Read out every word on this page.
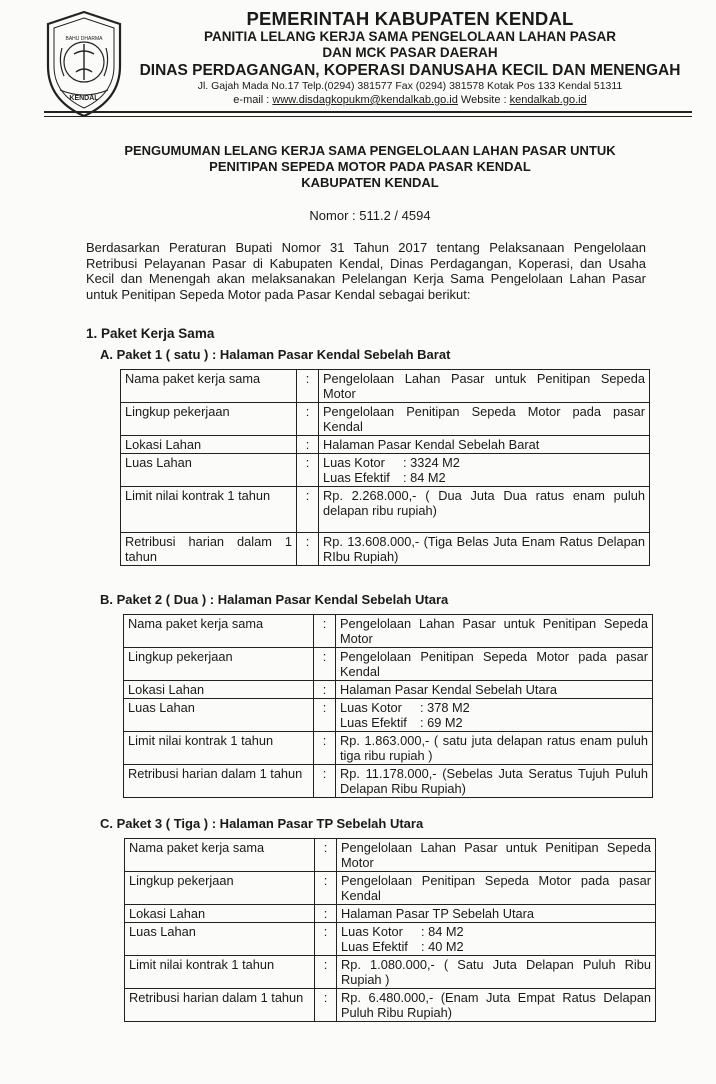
BAHU DHARMA
KENDAL
PEMERINTAH KABUPATEN KENDAL
PANITIA LELANG KERJA SAMA PENGELOLAAN LAHAN PASAR
DAN MCK PASAR DAERAH
DINAS PERDAGANGAN, KOPERASI DANUSAHA KECIL DAN MENENGAH
Jl. Gajah Mada No.17 Telp.(0294) 381577 Fax (0294) 381578 Kotak Pos 133 Kendal 51311
e-mail : www.disdagkopukm@kendalkab.go.id Website : kendalkab.go.id
PENGUMUMAN LELANG KERJA SAMA PENGELOLAAN LAHAN PASAR UNTUK
PENITIPAN SEPEDA MOTOR PADA PASAR KENDAL
KABUPATEN KENDAL
Nomor : 511.2 / 4594

Berdasarkan Peraturan Bupati Nomor 31 Tahun 2017 tentang Pelaksanaan Pengelolaan Retribusi Pelayanan Pasar di Kabupaten Kendal, Dinas Perdagangan, Koperasi, dan Usaha Kecil dan Menengah akan melaksanakan Pelelangan Kerja Sama Pengelolaan Lahan Pasar untuk Penitipan Sepeda Motor pada Pasar Kendal sebagai berikut:

1. Paket Kerja Sama
A. Paket 1 ( satu ) : Halaman Pasar Kendal Sebelah Barat
Nama paket kerja sama	:	Pengelolaan Lahan Pasar untuk Penitipan Sepeda Motor
Lingkup pekerjaan	:	Pengelolaan Penitipan Sepeda Motor pada pasar Kendal
Lokasi Lahan	:	Halaman Pasar Kendal Sebelah Barat
Luas Lahan	:	Luas Kotor : 3324 M2
Luas Efektif : 84 M2

Limit nilai kontrak 1 tahun	:	Rp. 2.268.000,- ( Dua Juta Dua ratus enam puluh delapan ribu rupiah)
Retribusi harian dalam 1 tahun	:	Rp. 13.608.000,- (Tiga Belas Juta Enam Ratus Delapan RIbu Rupiah)
B. Paket 2 ( Dua ) : Halaman Pasar Kendal Sebelah Utara
Nama paket kerja sama	:	Pengelolaan Lahan Pasar untuk Penitipan Sepeda Motor
Lingkup pekerjaan	:	Pengelolaan Penitipan Sepeda Motor pada pasar Kendal
Lokasi Lahan	:	Halaman Pasar Kendal Sebelah Utara
Luas Lahan	:	Luas Kotor : 378 M2
Luas Efektif : 69 M2

Limit nilai kontrak 1 tahun	:	Rp. 1.863.000,- ( satu juta delapan ratus enam puluh tiga ribu rupiah )
Retribusi harian dalam 1 tahun	:	Rp. 11.178.000,- (Sebelas Juta Seratus Tujuh Puluh Delapan Ribu Rupiah)
C. Paket 3 ( Tiga ) : Halaman Pasar TP Sebelah Utara
Nama paket kerja sama	:	Pengelolaan Lahan Pasar untuk Penitipan Sepeda Motor
Lingkup pekerjaan	:	Pengelolaan Penitipan Sepeda Motor pada pasar Kendal
Lokasi Lahan	:	Halaman Pasar TP Sebelah Utara
Luas Lahan	:	Luas Kotor : 84 M2
Luas Efektif : 40 M2

Limit nilai kontrak 1 tahun	:	Rp. 1.080.000,- ( Satu Juta Delapan Puluh Ribu Rupiah )
Retribusi harian dalam 1 tahun	:	Rp. 6.480.000,- (Enam Juta Empat Ratus Delapan Puluh Ribu Rupiah)
